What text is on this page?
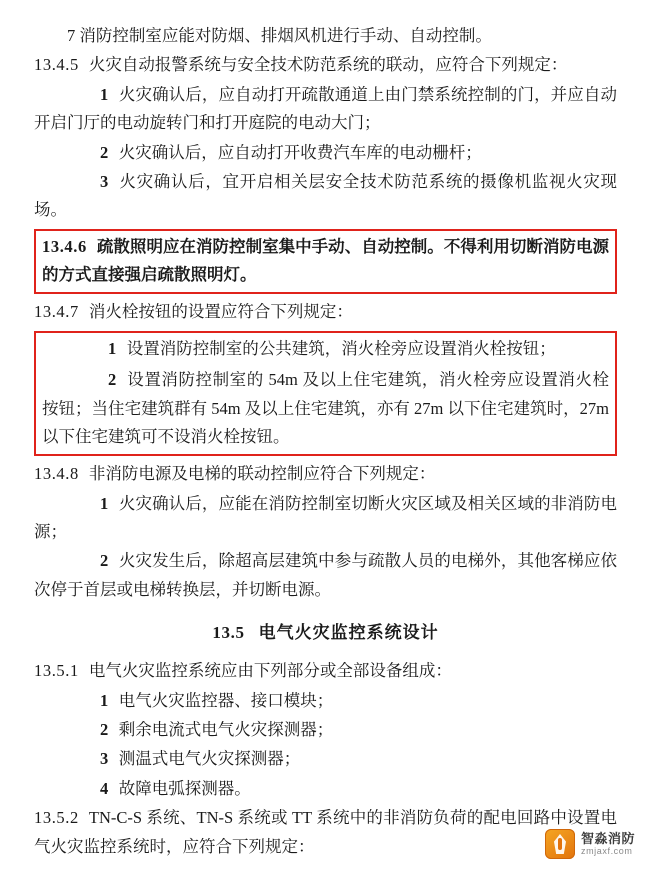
7 消防控制室应能对防烟、排烟风机进行手动、自动控制。

13.4.5 火灾自动报警系统与安全技术防范系统的联动，应符合下列规定：

1 火灾确认后，应自动打开疏散通道上由门禁系统控制的门，并应自动开启门厅的电动旋转门和打开庭院的电动大门；

2 火灾确认后，应自动打开收费汽车库的电动栅杆；

3 火灾确认后，宜开启相关层安全技术防范系统的摄像机监视火灾现场。

13.4.6 疏散照明应在消防控制室集中手动、自动控制。不得利用切断消防电源的方式直接强启疏散照明灯。

13.4.7 消火栓按钮的设置应符合下列规定：

1 设置消防控制室的公共建筑，消火栓旁应设置消火栓按钮；

2 设置消防控制室的 54m 及以上住宅建筑，消火栓旁应设置消火栓按钮；当住宅建筑群有 54m 及以上住宅建筑，亦有 27m 以下住宅建筑时，27m 以下住宅建筑可不设消火栓按钮。

13.4.8 非消防电源及电梯的联动控制应符合下列规定：

1 火灾确认后，应能在消防控制室切断火灾区域及相关区域的非消防电源；

2 火灾发生后，除超高层建筑中参与疏散人员的电梯外，其他客梯应依次停于首层或电梯转换层，并切断电源。

13.5 电气火灾监控系统设计

13.5.1 电气火灾监控系统应由下列部分或全部设备组成：

1 电气火灾监控器、接口模块；

2 剩余电流式电气火灾探测器；

3 测温式电气火灾探测器；

4 故障电弧探测器。

13.5.2 TN-C-S 系统、TN-S 系统或 TT 系统中的非消防负荷的配电回路中设置电气火灾监控系统时，应符合下列规定：	智淼消防
zmjaxf.com
